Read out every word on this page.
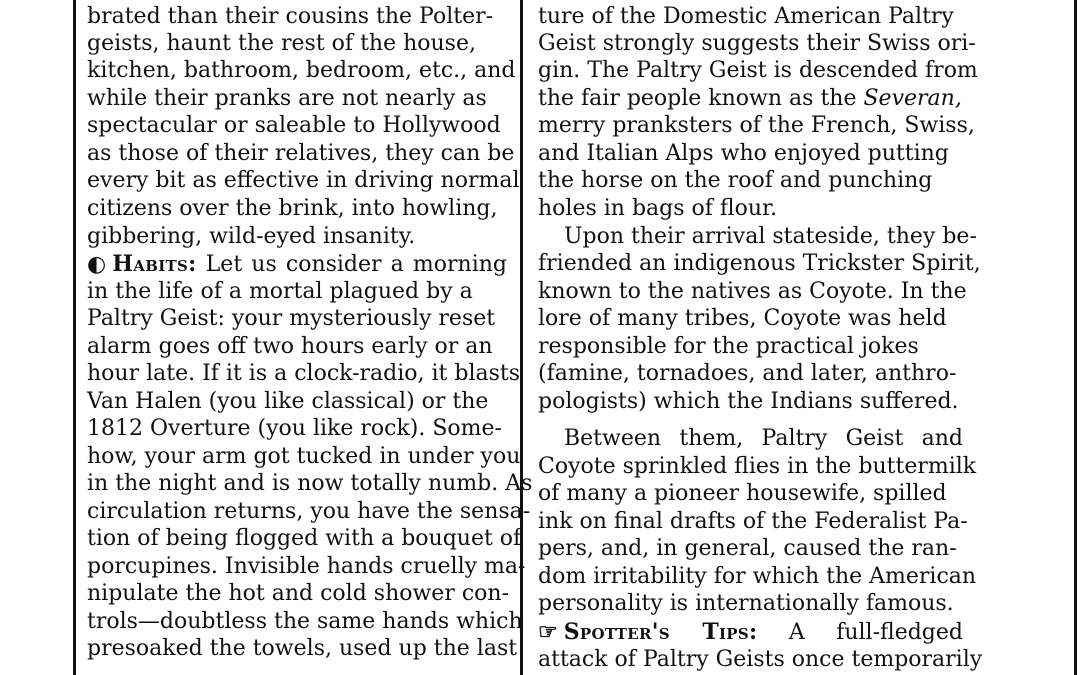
brated than their cousins the Polter-
geists, haunt the rest of the house,
kitchen, bathroom, bedroom, etc., and
while their pranks are not nearly as
spectacular or saleable to Hollywood
as those of their relatives, they can be
every bit as effective in driving normal
citizens over the brink, into howling,
gibbering, wild-eyed insanity.
◐ Habits: Let us consider a morning
in the life of a mortal plagued by a
Paltry Geist: your mysteriously reset
alarm goes off two hours early or an
hour late. If it is a clock-radio, it blasts
Van Halen (you like classical) or the
1812 Overture (you like rock). Some-
how, your arm got tucked in under you
in the night and is now totally numb. As
circulation returns, you have the sensa-
tion of being flogged with a bouquet of
porcupines. Invisible hands cruelly ma-
nipulate the hot and cold shower con-
trols—doubtless the same hands which
presoaked the towels, used up the last
ture of the Domestic American Paltry
Geist strongly suggests their Swiss ori-
gin. The Paltry Geist is descended from
the fair people known as the Severan,
merry pranksters of the French, Swiss,
and Italian Alps who enjoyed putting
the horse on the roof and punching
holes in bags of flour.
Upon their arrival stateside, they be-
friended an indigenous Trickster Spirit,
known to the natives as Coyote. In the
lore of many tribes, Coyote was held
responsible for the practical jokes
(famine, tornadoes, and later, anthro-
pologists) which the Indians suffered.
Between them, Paltry Geist and
Coyote sprinkled flies in the buttermilk
of many a pioneer housewife, spilled
ink on final drafts of the Federalist Pa-
pers, and, in general, caused the ran-
dom irritability for which the American
personality is internationally famous.
☞ Spotter's Tips: A full-fledged
attack of Paltry Geists once temporarily
